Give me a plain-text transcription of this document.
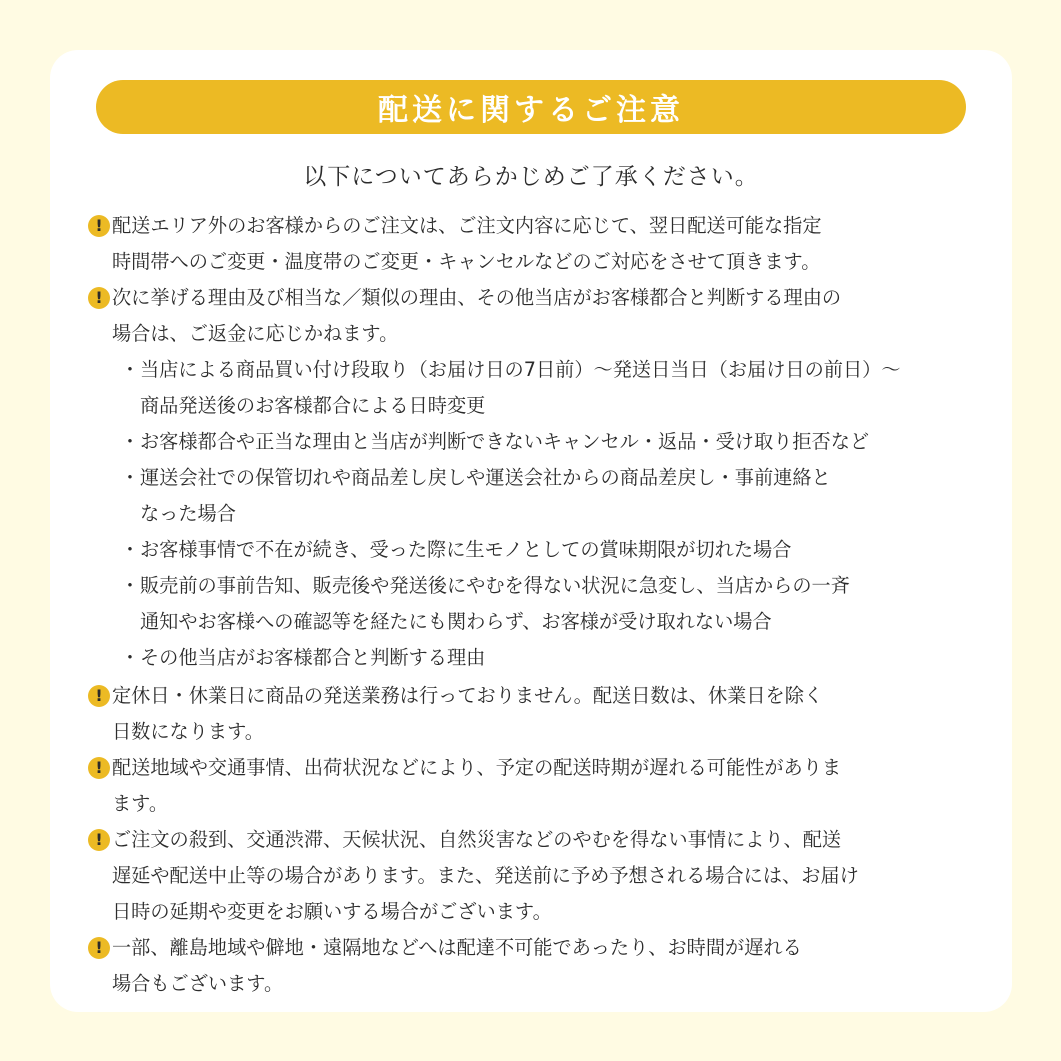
配送に関するご注意
以下についてあらかじめご了承ください。
! 配送エリア外のお客様からのご注文は、ご注文内容に応じて、翌日配送可能な指定
時間帯へのご変更・温度帯のご変更・キャンセルなどのご対応をさせて頂きます。
! 次に挙げる理由及び相当な／類似の理由、その他当店がお客様都合と判断する理由の
場合は、ご返金に応じかねます。
・ 当店による商品買い付け段取り（お届け日の7日前）〜発送日当日（お届け日の前日）〜
商品発送後のお客様都合による日時変更
・ お客様都合や正当な理由と当店が判断できないキャンセル・返品・受け取り拒否など
・ 運送会社での保管切れや商品差し戻しや運送会社からの商品差戻し・事前連絡と
なった場合
・ お客様事情で不在が続き、受った際に生モノとしての賞味期限が切れた場合
・ 販売前の事前告知、販売後や発送後にやむを得ない状況に急変し、当店からの一斉
通知やお客様への確認等を経たにも関わらず、お客様が受け取れない場合
・ その他当店がお客様都合と判断する理由
! 定休日・休業日に商品の発送業務は行っておりません。配送日数は、休業日を除く
日数になります。
! 配送地域や交通事情、出荷状況などにより、予定の配送時期が遅れる可能性がありま
ます。
! ご注文の殺到、交通渋滞、天候状況、自然災害などのやむを得ない事情により、配送
遅延や配送中止等の場合があります。また、発送前に予め予想される場合には、お届け
日時の延期や変更をお願いする場合がございます。
! 一部、離島地域や僻地・遠隔地などへは配達不可能であったり、お時間が遅れる
場合もございます。
